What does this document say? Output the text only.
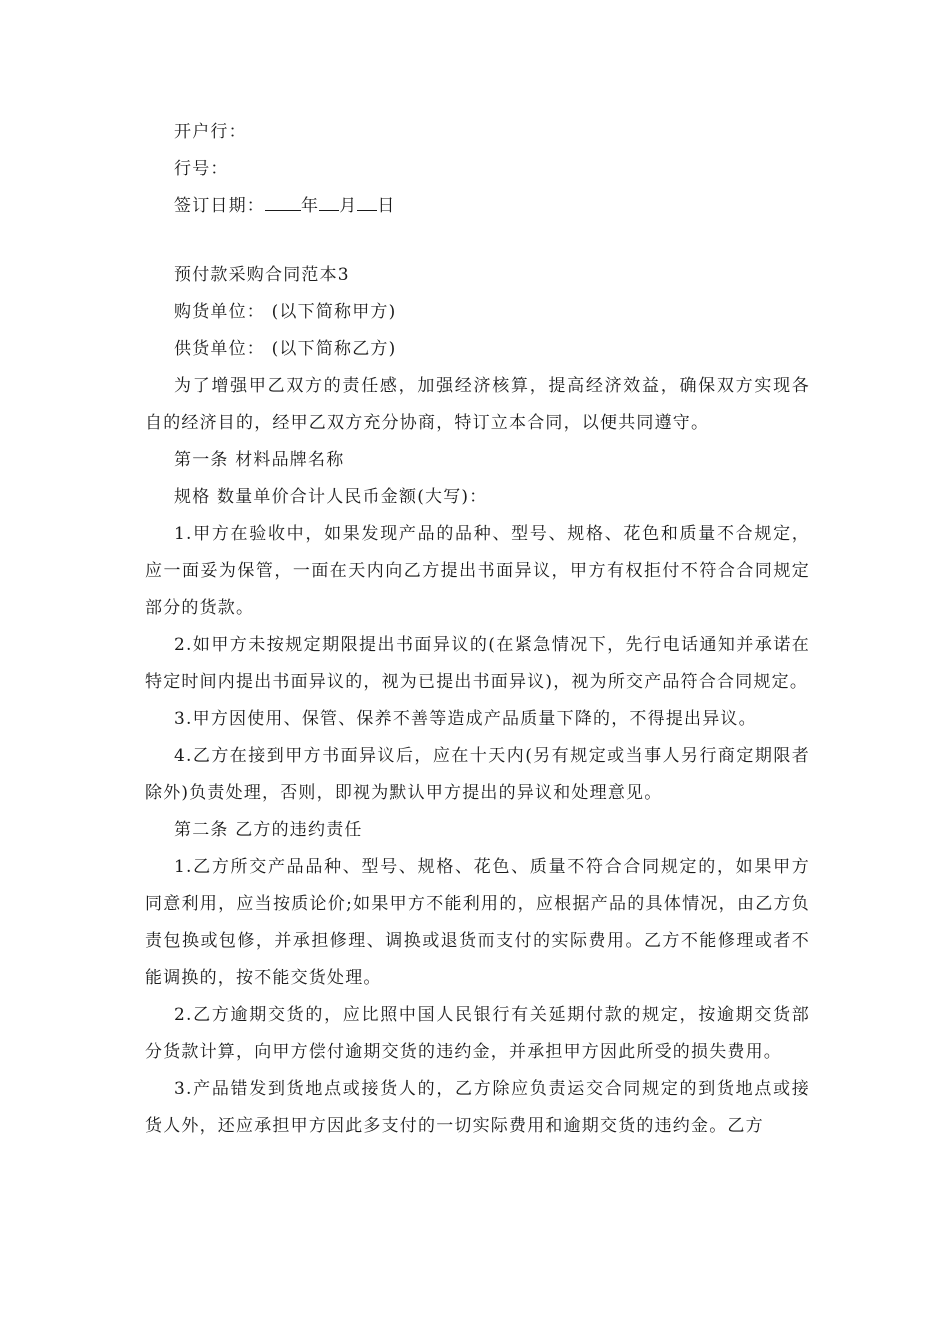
开户行：

行号：

签订日期： 年 月 日

预付款采购合同范本3

购货单位： (以下简称甲方)

供货单位： (以下简称乙方)

为了增强甲乙双方的责任感，加强经济核算，提高经济效益，确保双方实现各自的经济目的，经甲乙双方充分协商，特订立本合同，以便共同遵守。

第一条 材料品牌名称

规格 数量单价合计人民币金额(大写)：

1.甲方在验收中，如果发现产品的品种、型号、规格、花色和质量不合规定，应一面妥为保管，一面在天内向乙方提出书面异议，甲方有权拒付不符合合同规定部分的货款。

2.如甲方未按规定期限提出书面异议的(在紧急情况下，先行电话通知并承诺在特定时间内提出书面异议的，视为已提出书面异议)，视为所交产品符合合同规定。

3.甲方因使用、保管、保养不善等造成产品质量下降的，不得提出异议。

4.乙方在接到甲方书面异议后，应在十天内(另有规定或当事人另行商定期限者除外)负责处理，否则，即视为默认甲方提出的异议和处理意见。

第二条 乙方的违约责任

1.乙方所交产品品种、型号、规格、花色、质量不符合合同规定的，如果甲方同意利用，应当按质论价;如果甲方不能利用的，应根据产品的具体情况，由乙方负责包换或包修，并承担修理、调换或退货而支付的实际费用。乙方不能修理或者不能调换的，按不能交货处理。

2.乙方逾期交货的，应比照中国人民银行有关延期付款的规定，按逾期交货部分货款计算，向甲方偿付逾期交货的违约金，并承担甲方因此所受的损失费用。

3.产品错发到货地点或接货人的，乙方除应负责运交合同规定的到货地点或接货人外，还应承担甲方因此多支付的一切实际费用和逾期交货的违约金。乙方
